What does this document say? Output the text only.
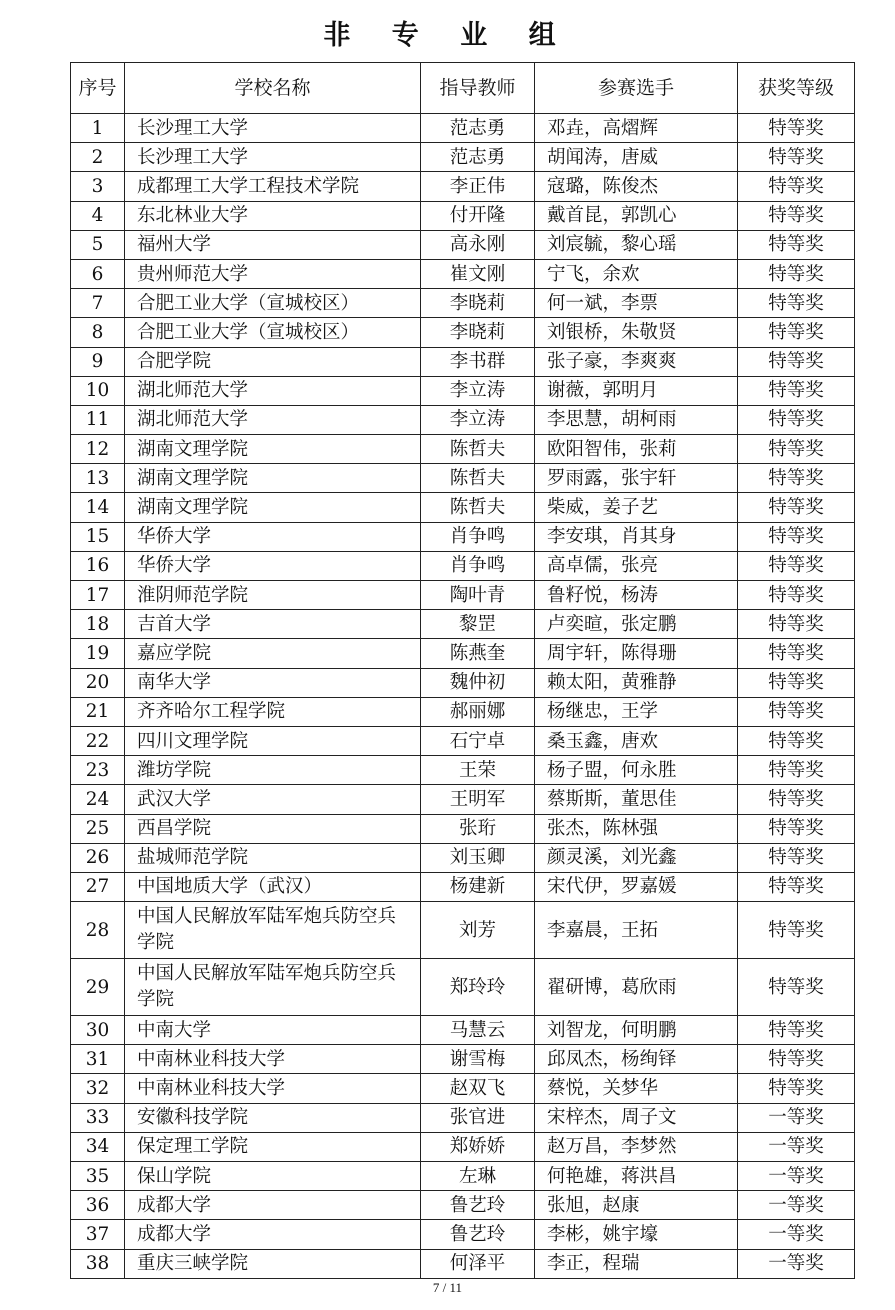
非 专 业 组
序号	学校名称	指导教师	参赛选手	获奖等级
1	长沙理工大学	范志勇	邓垚，高熠辉	特等奖
2	长沙理工大学	范志勇	胡闻涛，唐威	特等奖
3	成都理工大学工程技术学院	李正伟	寇璐，陈俊杰	特等奖
4	东北林业大学	付开隆	戴首昆，郭凯心	特等奖
5	福州大学	高永刚	刘宸毓，黎心瑶	特等奖
6	贵州师范大学	崔文刚	宁飞，余欢	特等奖
7	合肥工业大学（宣城校区）	李晓莉	何一斌，李票	特等奖
8	合肥工业大学（宣城校区）	李晓莉	刘银桥，朱敬贤	特等奖
9	合肥学院	李书群	张子豪，李爽爽	特等奖
10	湖北师范大学	李立涛	谢薇，郭明月	特等奖
11	湖北师范大学	李立涛	李思慧，胡柯雨	特等奖
12	湖南文理学院	陈哲夫	欧阳智伟，张莉	特等奖
13	湖南文理学院	陈哲夫	罗雨露，张宇轩	特等奖
14	湖南文理学院	陈哲夫	柴威，姜子艺	特等奖
15	华侨大学	肖争鸣	李安琪，肖其身	特等奖
16	华侨大学	肖争鸣	高卓儒，张亮	特等奖
17	淮阴师范学院	陶叶青	鲁籽悦，杨涛	特等奖
18	吉首大学	黎罡	卢奕暄，张定鹏	特等奖
19	嘉应学院	陈燕奎	周宇轩，陈得珊	特等奖
20	南华大学	魏仲初	赖太阳，黄雅静	特等奖
21	齐齐哈尔工程学院	郝丽娜	杨继忠，王学	特等奖
22	四川文理学院	石宁卓	桑玉鑫，唐欢	特等奖
23	潍坊学院	王荣	杨子盟，何永胜	特等奖
24	武汉大学	王明军	蔡斯斯，董思佳	特等奖
25	西昌学院	张珩	张杰，陈林强	特等奖
26	盐城师范学院	刘玉卿	颜灵溪，刘光鑫	特等奖
27	中国地质大学（武汉）	杨建新	宋代伊，罗嘉媛	特等奖
28	中国人民解放军陆军炮兵防空兵学院	刘芳	李嘉晨，王拓	特等奖
29	中国人民解放军陆军炮兵防空兵学院	郑玲玲	翟研博，葛欣雨	特等奖
30	中南大学	马慧云	刘智龙，何明鹏	特等奖
31	中南林业科技大学	谢雪梅	邱凤杰，杨绚铎	特等奖
32	中南林业科技大学	赵双飞	蔡悦，关梦华	特等奖
33	安徽科技学院	张官进	宋梓杰，周子文	一等奖
34	保定理工学院	郑娇娇	赵万昌，李梦然	一等奖
35	保山学院	左琳	何艳雄，蒋洪昌	一等奖
36	成都大学	鲁艺玲	张旭，赵康	一等奖
37	成都大学	鲁艺玲	李彬，姚宇壕	一等奖
38	重庆三峡学院	何泽平	李正，程瑞	一等奖
7 / 11
